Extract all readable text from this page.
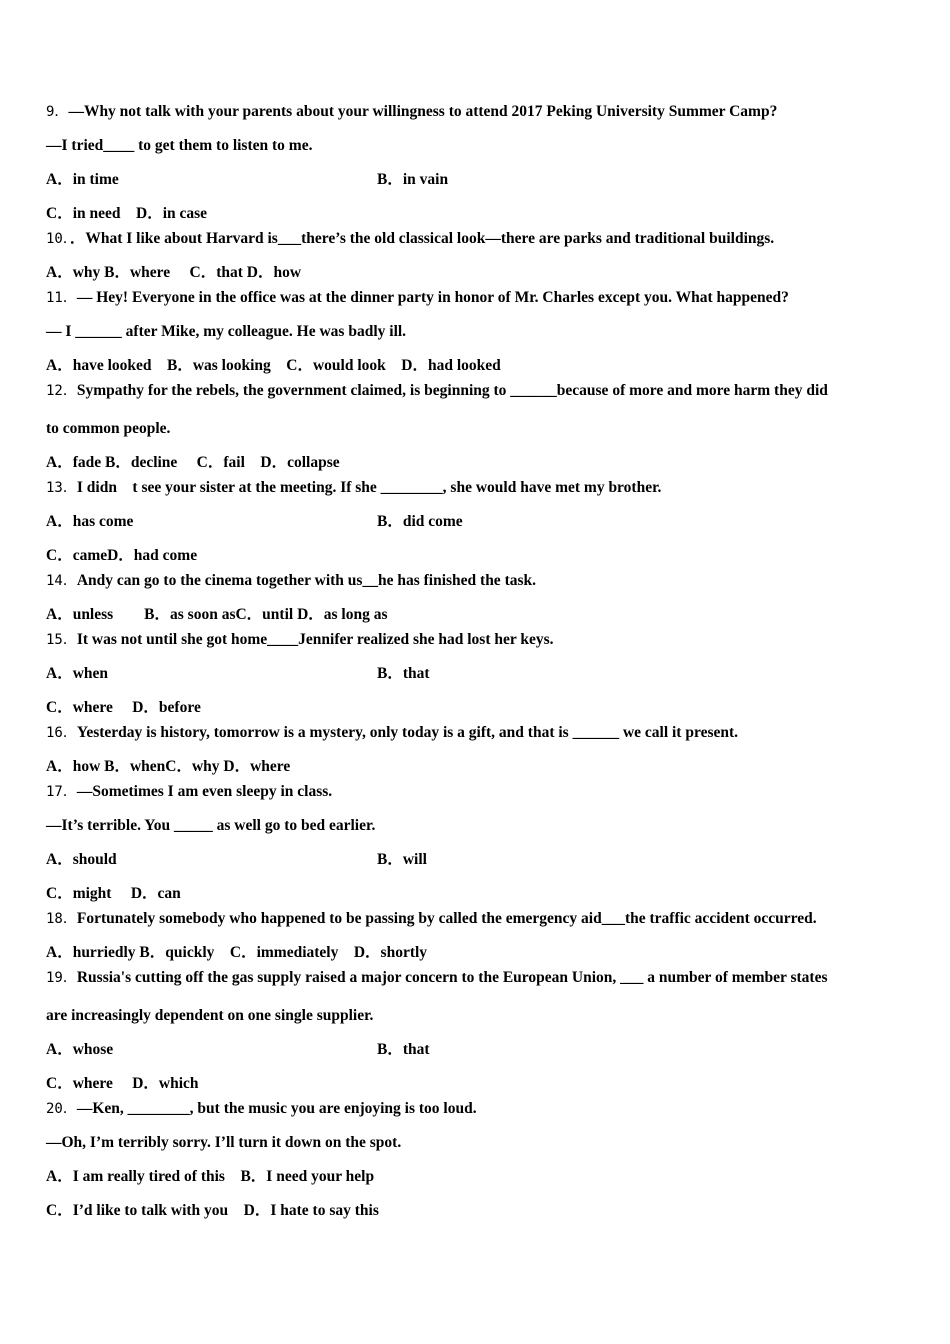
9．—Why not talk with your parents about your willingness to attend 2017 Peking University Summer Camp?
—I tried____ to get them to listen to me.
A．in time	B．in vain
C．in need　D．in case
10．．What I like about Harvard is___there’s the old classical look—there are parks and traditional buildings.
A．why B．where　 C．that D．how
11．— Hey! Everyone in the office was at the dinner party in honor of Mr. Charles except you. What happened?
— I ______ after Mike, my colleague. He was badly ill.
A．have looked　B．was looking　C．would look　D．had looked
12．Sympathy for the rebels, the government claimed, is beginning to ______because of more and more harm they did
to common people.
A．fade B．decline　 C．fail　D．collapse
13．I didn　t see your sister at the meeting. If she ________, she would have met my brother.
A．has come	B．did come
C．cameD．had come
14．Andy can go to the cinema together with us__he has finished the task.
A．unless　　B．as soon asC．until D．as long as
15．It was not until she got home____Jennifer realized she had lost her keys.
A．when	B．that
C．where　 D．before
16．Yesterday is history, tomorrow is a mystery, only today is a gift, and that is ______ we call it present.
A．how B．whenC．why D．where
17．—Sometimes I am even sleepy in class.
—It’s terrible. You _____ as well go to bed earlier.
A．should	B．will
C．might　 D．can
18．Fortunately somebody who happened to be passing by called the emergency aid___the traffic accident occurred.
A．hurriedly B．quickly　C．immediately　D．shortly
19．Russia's cutting off the gas supply raised a major concern to the European Union, ___ a number of member states
are increasingly dependent on one single supplier.
A．whose	B．that
C．where　 D．which
20．—Ken, ________, but the music you are enjoying is too loud.
—Oh, I’m terribly sorry. I’ll turn it down on the spot.
A．I am really tired of this　B．I need your help
C．I’d like to talk with you　D．I hate to say this
